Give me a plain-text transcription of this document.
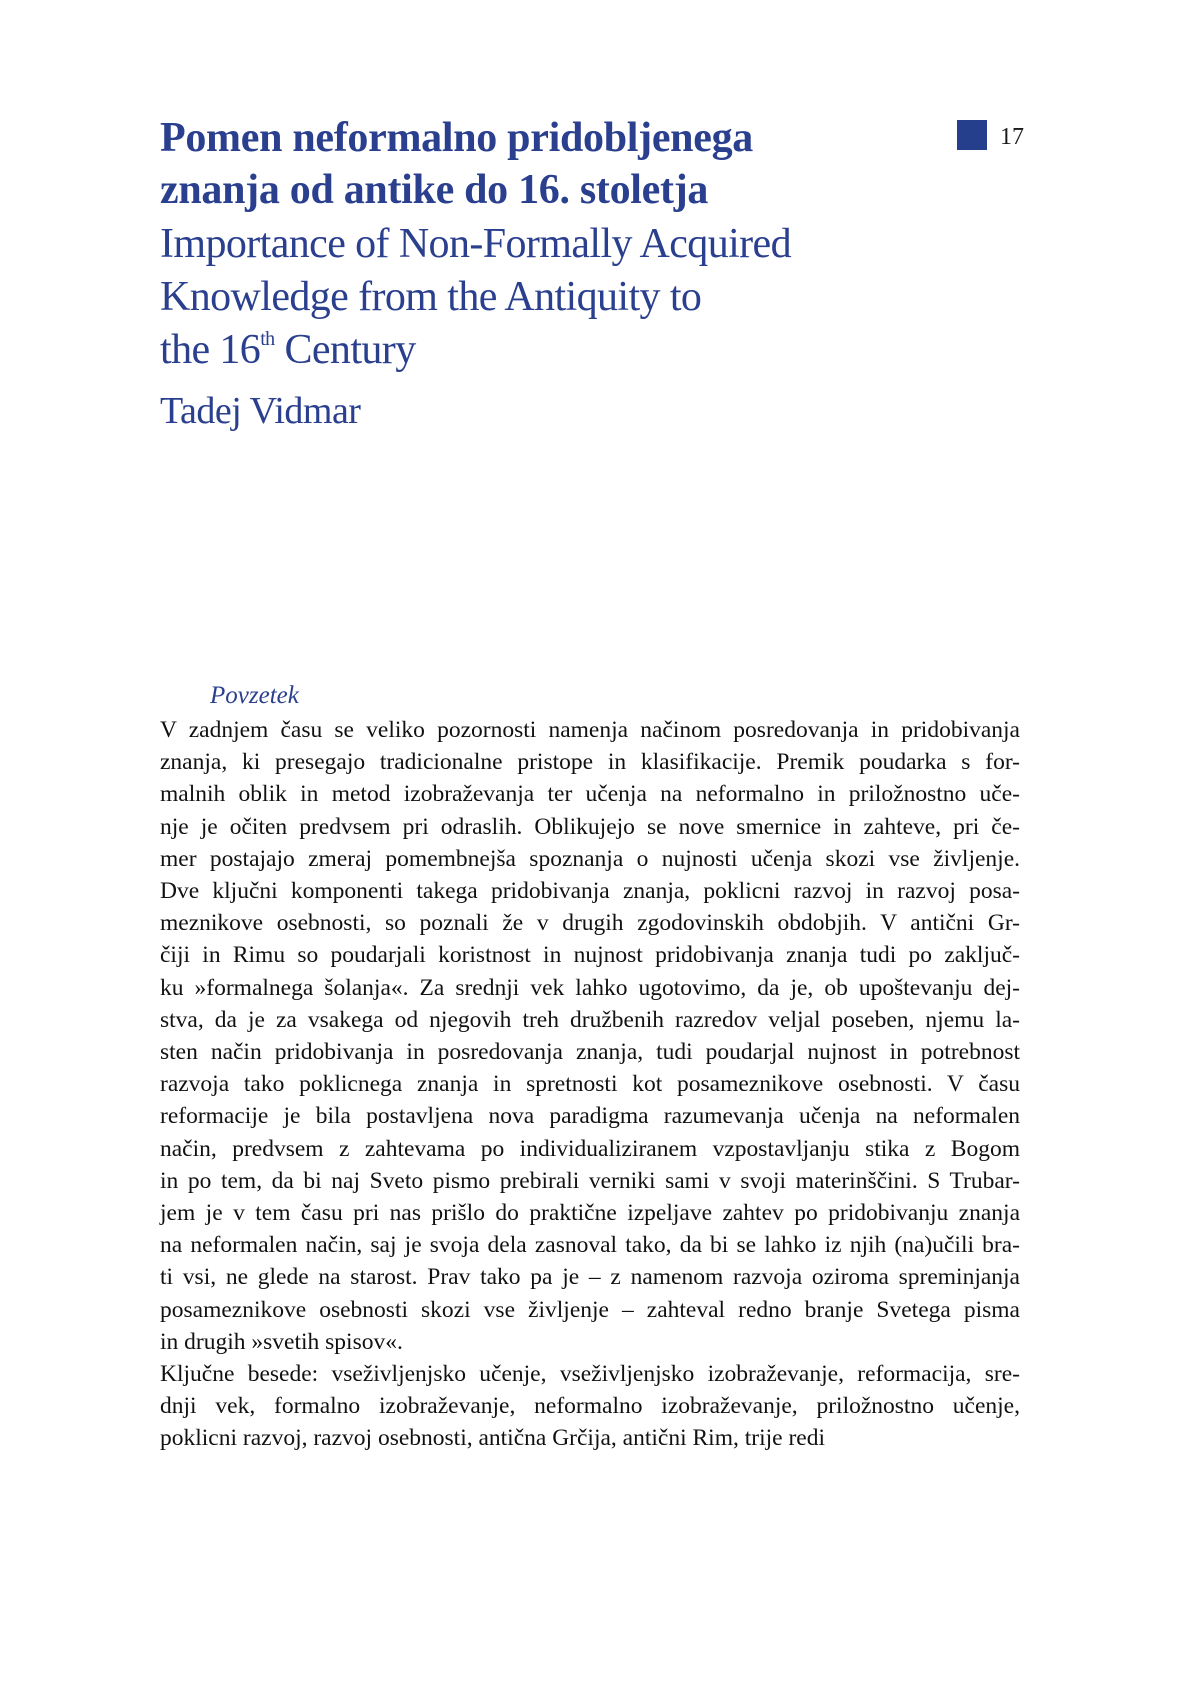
17
Pomen neformalno pridobljenega
znanja od antike do 16. stoletja
Importance of Non-Formally Acquired
Knowledge from the Antiquity to
the 16th Century
Tadej Vidmar
Povzetek
V zadnjem času se veliko pozornosti namenja načinom posredovanja in pridobivanja
znanja, ki presegajo tradicionalne pristope in klasifikacije. Premik poudarka s for-
malnih oblik in metod izobraževanja ter učenja na neformalno in priložnostno uče-
nje je očiten predvsem pri odraslih. Oblikujejo se nove smernice in zahteve, pri če-
mer postajajo zmeraj pomembnejša spoznanja o nujnosti učenja skozi vse življenje.
Dve ključni komponenti takega pridobivanja znanja, poklicni razvoj in razvoj posa-
meznikove osebnosti, so poznali že v drugih zgodovinskih obdobjih. V antični Gr-
čiji in Rimu so poudarjali koristnost in nujnost pridobivanja znanja tudi po zaključ-
ku »formalnega šolanja«. Za srednji vek lahko ugotovimo, da je, ob upoštevanju dej-
stva, da je za vsakega od njegovih treh družbenih razredov veljal poseben, njemu la-
sten način pridobivanja in posredovanja znanja, tudi poudarjal nujnost in potrebnost
razvoja tako poklicnega znanja in spretnosti kot posameznikove osebnosti. V času
reformacije je bila postavljena nova paradigma razumevanja učenja na neformalen
način, predvsem z zahtevama po individualiziranem vzpostavljanju stika z Bogom
in po tem, da bi naj Sveto pismo prebirali verniki sami v svoji materinščini. S Trubar-
jem je v tem času pri nas prišlo do praktične izpeljave zahtev po pridobivanju znanja
na neformalen način, saj je svoja dela zasnoval tako, da bi se lahko iz njih (na)učili bra-
ti vsi, ne glede na starost. Prav tako pa je – z namenom razvoja oziroma spreminjanja
posameznikove osebnosti skozi vse življenje – zahteval redno branje Svetega pisma
in drugih »svetih spisov«.
Ključne besede: vseživljenjsko učenje, vseživljenjsko izobraževanje, reformacija, sre-
dnji vek, formalno izobraževanje, neformalno izobraževanje, priložnostno učenje,
poklicni razvoj, razvoj osebnosti, antična Grčija, antični Rim, trije redi
